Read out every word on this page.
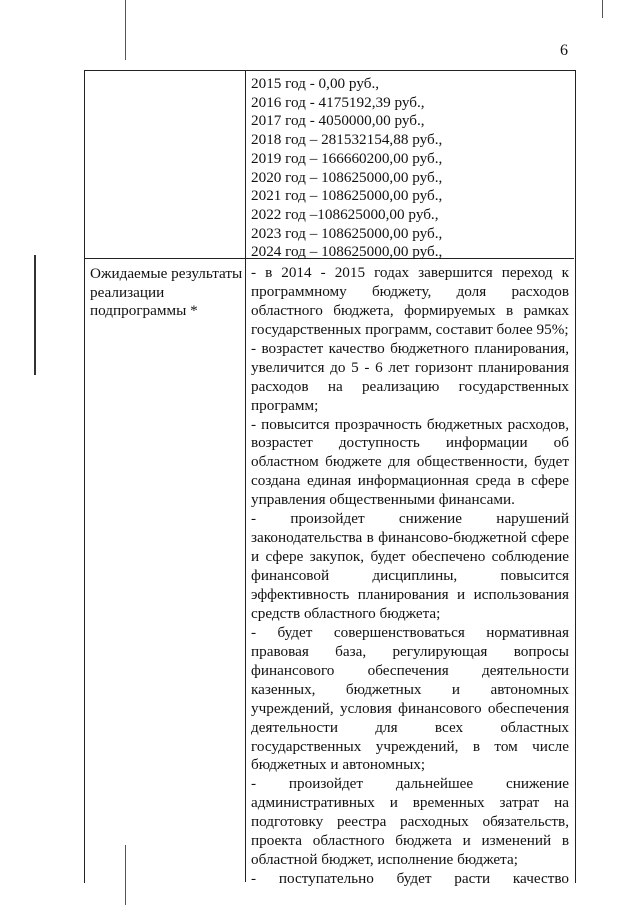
6
2015 год - 0,00 руб.,
2016 год - 4175192,39 руб.,
2017 год - 4050000,00 руб.,
2018 год – 281532154,88 руб.,
2019 год – 166660200,00 руб.,
2020 год – 108625000,00 руб.,
2021 год – 108625000,00 руб.,
2022 год –108625000,00 руб.,
2023 год – 108625000,00 руб.,
2024 год – 108625000,00 руб.,
Ожидаемые результаты
реализации
подпрограммы *
- в 2014 - 2015 годах завершится переход к
программному бюджету, доля расходов
областного бюджета, формируемых в рамках
государственных программ, составит более 95%;
- возрастет качество бюджетного планирования,
увеличится до 5 - 6 лет горизонт планирования
расходов на реализацию государственных
программ;
- повысится прозрачность бюджетных расходов,
возрастет доступность информации об
областном бюджете для общественности, будет
создана единая информационная среда в сфере
управления общественными финансами.
- произойдет снижение нарушений
законодательства в финансово-бюджетной сфере
и сфере закупок, будет обеспечено соблюдение
финансовой дисциплины, повысится
эффективность планирования и использования
средств областного бюджета;
- будет совершенствоваться нормативная
правовая база, регулирующая вопросы
финансового обеспечения деятельности
казенных, бюджетных и автономных
учреждений, условия финансового обеспечения
деятельности для всех областных
государственных учреждений, в том числе
бюджетных и автономных;
- произойдет дальнейшее снижение
административных и временных затрат на
подготовку реестра расходных обязательств,
проекта областного бюджета и изменений в
областной бюджет, исполнение бюджета;
- поступательно будет расти качество
